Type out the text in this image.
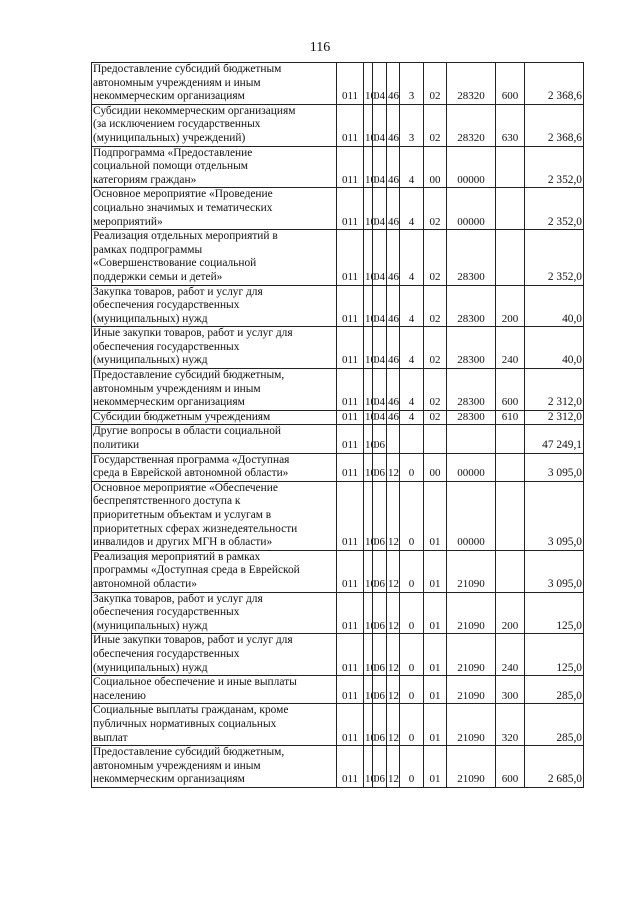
116
Предоставление субсидий бюджетным
автономным учреждениям и иным
некоммерческим организациям	011	10	04	46	3	02	28320	600	2 368,6

Субсидии некоммерческим организациям
(за исключением государственных
(муниципальных) учреждений)	011	10	04	46	3	02	28320	630	2 368,6

Подпрограмма «Предоставление
социальной помощи отдельным
категориям граждан»	011	10	04	46	4	00	00000		2 352,0

Основное мероприятие «Проведение
социально значимых и тематических
мероприятий»	011	10	04	46	4	02	00000		2 352,0

Реализация отдельных мероприятий в
рамках подпрограммы
«Совершенствование социальной
поддержки семьи и детей»	011	10	04	46	4	02	28300		2 352,0

Закупка товаров, работ и услуг для
обеспечения государственных
(муниципальных) нужд	011	10	04	46	4	02	28300	200	40,0

Иные закупки товаров, работ и услуг для
обеспечения государственных
(муниципальных) нужд	011	10	04	46	4	02	28300	240	40,0

Предоставление субсидий бюджетным,
автономным учреждениям и иным
некоммерческим организациям	011	10	04	46	4	02	28300	600	2 312,0

Субсидии бюджетным учреждениям	011	10	04	46	4	02	28300	610	2 312,0

Другие вопросы в области социальной
политики	011	10	06						47 249,1

Государственная программа «Доступная
среда в Еврейской автономной области»	011	10	06	12	0	00	00000		3 095,0

Основное мероприятие «Обеспечение
беспрепятственного доступа к
приоритетным объектам и услугам в
приоритетных сферах жизнедеятельности
инвалидов и других МГН в области»	011	10	06	12	0	01	00000		3 095,0

Реализация мероприятий в рамках
программы «Доступная среда в Еврейской
автономной области»	011	10	06	12	0	01	21090		3 095,0

Закупка товаров, работ и услуг для
обеспечения государственных
(муниципальных) нужд	011	10	06	12	0	01	21090	200	125,0

Иные закупки товаров, работ и услуг для
обеспечения государственных
(муниципальных) нужд	011	10	06	12	0	01	21090	240	125,0

Социальное обеспечение и иные выплаты
населению	011	10	06	12	0	01	21090	300	285,0

Социальные выплаты гражданам, кроме
публичных нормативных социальных
выплат	011	10	06	12	0	01	21090	320	285,0

Предоставление субсидий бюджетным,
автономным учреждениям и иным
некоммерческим организациям	011	10	06	12	0	01	21090	600	2 685,0
